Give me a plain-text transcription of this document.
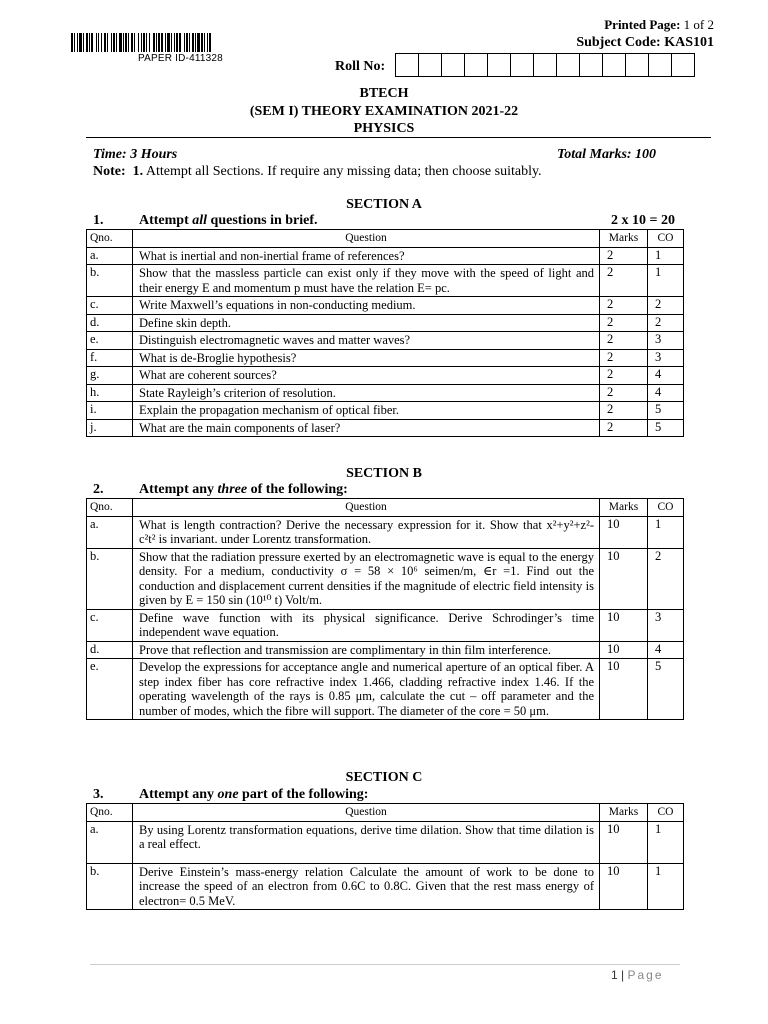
PAPER ID-411328
Printed Page: 1 of 2
Subject Code: KAS101
Roll No:
BTECH
(SEM I) THEORY EXAMINATION 2021-22
PHYSICS
Time: 3 Hours	Total Marks: 100
Note: 1. Attempt all Sections. If require any missing data; then choose suitably.
SECTION A
1.	Attempt all questions in brief.	2 x 10 = 20
Qno.	Question	Marks	CO
a.	What is inertial and non-inertial frame of references?	2	1
b.	Show that the massless particle can exist only if they move with the speed of light and their energy E and momentum p must have the relation E= pc.	2	1
c.	Write Maxwell’s equations in non-conducting medium.	2	2
d.	Define skin depth.	2	2
e.	Distinguish electromagnetic waves and matter waves?	2	3
f.	What is de-Broglie hypothesis?	2	3
g.	What are coherent sources?	2	4
h.	State Rayleigh’s criterion of resolution.	2	4
i.	Explain the propagation mechanism of optical fiber.	2	5
j.	What are the main components of laser?	2	5
SECTION B
2.	Attempt any three of the following:
Qno.	Question	Marks	CO
a.	What is length contraction? Derive the necessary expression for it. Show that x²+y²+z²- c²t² is invariant. under Lorentz transformation.	10	1
b.	Show that the radiation pressure exerted by an electromagnetic wave is equal to the energy density. For a medium, conductivity σ = 58 × 10⁶ seimen/m, ∈r =1. Find out the conduction and displacement current densities if the magnitude of electric field intensity is given by E = 150 sin (10¹⁰ t) Volt/m.	10	2
c.	Define wave function with its physical significance. Derive Schrodinger’s time independent wave equation.	10	3
d.	Prove that reflection and transmission are complimentary in thin film interference.	10	4
e.	Develop the expressions for acceptance angle and numerical aperture of an optical fiber. A step index fiber has core refractive index 1.466, cladding refractive index 1.46. If the operating wavelength of the rays is 0.85 μm, calculate the cut – off parameter and the number of modes, which the fibre will support. The diameter of the core = 50 μm.	10	5
SECTION C
3.	Attempt any one part of the following:
Qno.	Question	Marks	CO
a.	By using Lorentz transformation equations, derive time dilation. Show that time dilation is a real effect.	10	1
b.	Derive Einstein’s mass-energy relation Calculate the amount of work to be done to increase the speed of an electron from 0.6C to 0.8C. Given that the rest mass energy of electron= 0.5 MeV.	10	1
1 | Page
